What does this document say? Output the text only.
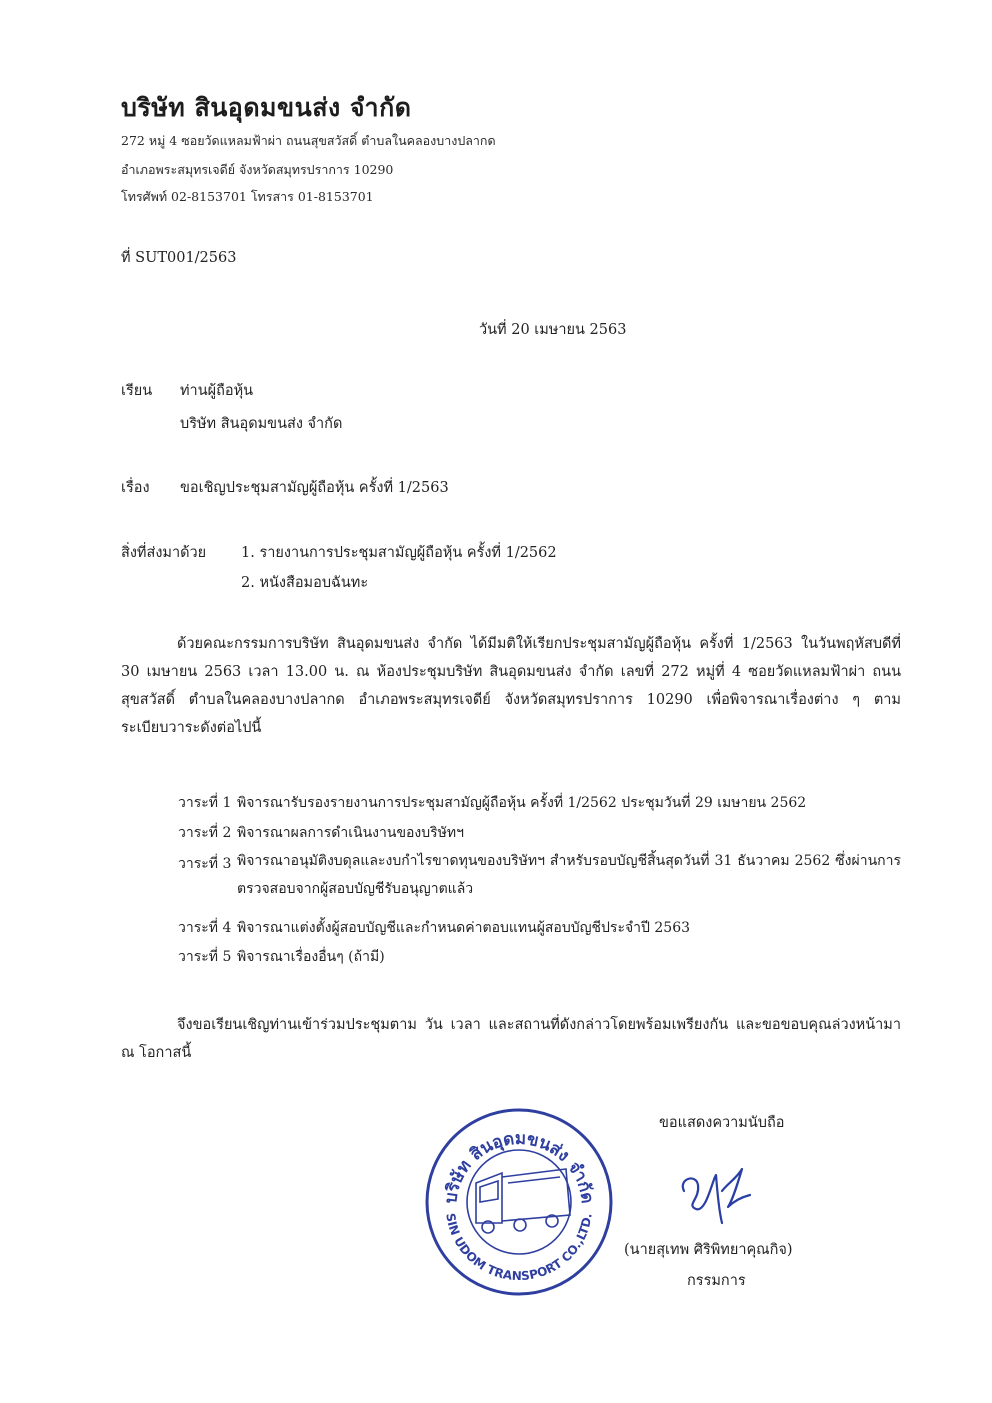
บริษัท สินอุดมขนส่ง จำกัด
272 หมู่ 4 ซอยวัดแหลมฟ้าผ่า ถนนสุขสวัสดิ์ ตำบลในคลองบางปลากด
อำเภอพระสมุทรเจดีย์ จังหวัดสมุทรปราการ 10290
โทรศัพท์ 02-8153701 โทรสาร 01-8153701
ที่ SUT001/2563
วันที่ 20 เมษายน 2563
เรียน ท่านผู้ถือหุ้น
บริษัท สินอุดมขนส่ง จำกัด
เรื่อง ขอเชิญประชุมสามัญผู้ถือหุ้น ครั้งที่ 1/2563
สิ่งที่ส่งมาด้วย 1. รายงานการประชุมสามัญผู้ถือหุ้น ครั้งที่ 1/2562
2. หนังสือมอบฉันทะ
ด้วยคณะกรรมการบริษัท สินอุดมขนส่ง จำกัด ได้มีมติให้เรียกประชุมสามัญผู้ถือหุ้น ครั้งที่ 1/2563 ในวันพฤหัสบดีที่ 30 เมษายน 2563 เวลา 13.00 น. ณ ห้องประชุมบริษัท สินอุดมขนส่ง จำกัด เลขที่ 272 หมู่ที่ 4 ซอยวัดแหลมฟ้าผ่า ถนนสุขสวัสดิ์ ตำบลในคลองบางปลากด อำเภอพระสมุทรเจดีย์ จังหวัดสมุทรปราการ 10290 เพื่อพิจารณาเรื่องต่าง ๆ ตามระเบียบวาระดังต่อไปนี้
วาระที่ 1 พิจารณารับรองรายงานการประชุมสามัญผู้ถือหุ้น ครั้งที่ 1/2562 ประชุมวันที่ 29 เมษายน 2562
วาระที่ 2 พิจารณาผลการดำเนินงานของบริษัทฯ
วาระที่ 3 พิจารณาอนุมัติงบดุลและงบกำไรขาดทุนของบริษัทฯ สำหรับรอบบัญชีสิ้นสุดวันที่ 31 ธันวาคม 2562 ซึ่งผ่านการตรวจสอบจากผู้สอบบัญชีรับอนุญาตแล้ว
วาระที่ 4 พิจารณาแต่งตั้งผู้สอบบัญชีและกำหนดค่าตอบแทนผู้สอบบัญชีประจำปี 2563
วาระที่ 5 พิจารณาเรื่องอื่นๆ (ถ้ามี)
จึงขอเรียนเชิญท่านเข้าร่วมประชุมตาม วัน เวลา และสถานที่ดังกล่าวโดยพร้อมเพรียงกัน และขอขอบคุณล่วงหน้ามา ณ โอกาสนี้
บริษัท สินอุดมขนส่ง จำกัด
SIN UDOM TRANSPORT CO.,LTD.
ขอแสดงความนับถือ
(นายสุเทพ ศิริพิทยาคุณกิจ)
กรรมการ
